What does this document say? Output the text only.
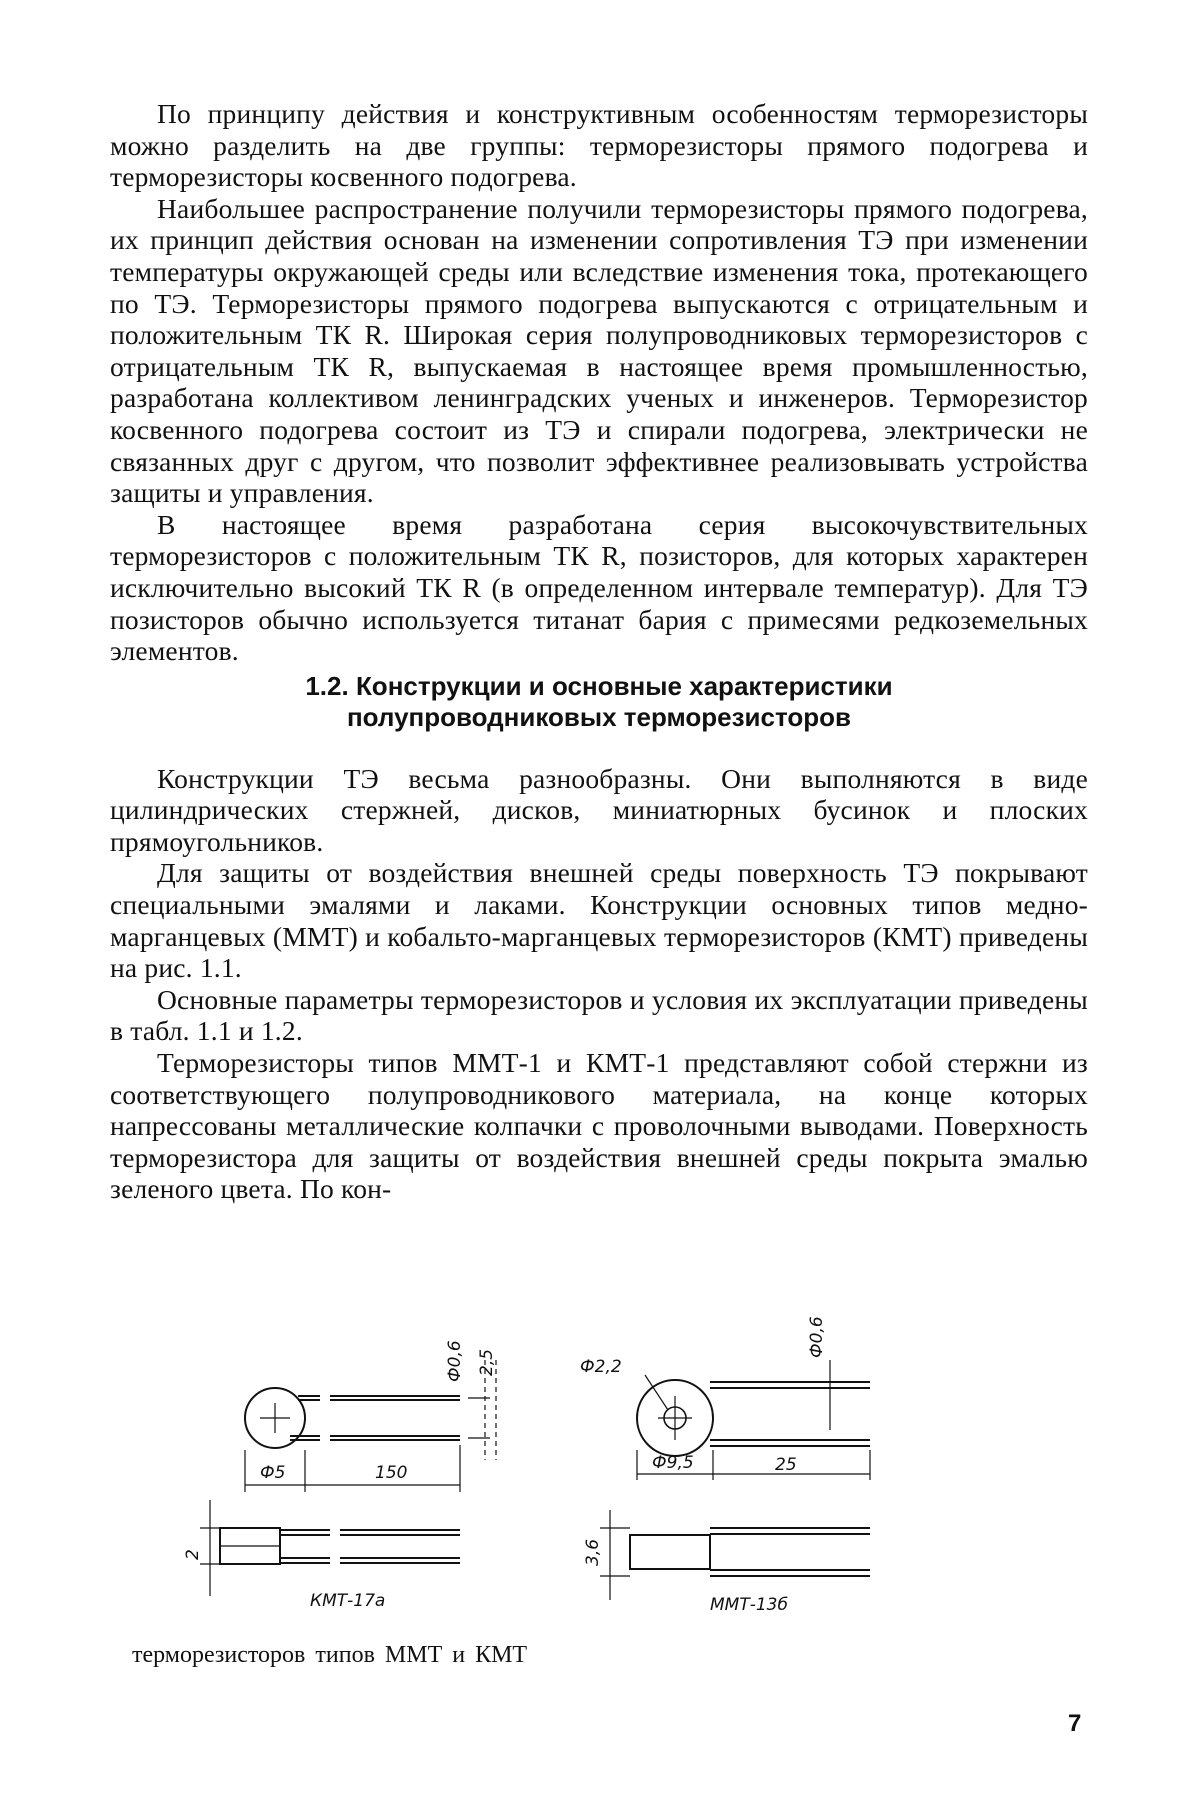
По принципу действия и конструктивным особенностям терморезисторы можно разделить на две группы: терморезисторы прямого подогрева и терморезисторы косвенного подогрева.

Наибольшее распространение получили терморезисторы прямого подогрева, их принцип действия основан на изменении сопротивления ТЭ при изменении температуры окружающей среды или вследствие изменения тока, протекающего по ТЭ. Терморезисторы прямого подогрева выпускаются с отрицательным и положительным ТК R. Широкая серия полупроводниковых терморезисторов с отрицательным ТК R, выпускаемая в настоящее время промышленностью, разработана коллективом ленинградских ученых и инженеров. Терморезистор косвенного подогрева состоит из ТЭ и спирали подогрева, электрически не связанных друг с другом, что позволит эффективнее реализовывать устройства защиты и управления.

В настоящее время разработана серия высокочувствительных терморезисторов с положительным ТК R, позисторов, для которых характерен исключительно высокий ТК R (в определенном интервале температур). Для ТЭ позисторов обычно используется титанат бария с примесями редкоземельных элементов.

1.2. Конструкции и основные характеристики
полупроводниковых терморезисторов

Конструкции ТЭ весьма разнообразны. Они выполняются в виде цилиндрических стержней, дисков, миниатюрных бусинок и плоских прямоугольников.

Для защиты от воздействия внешней среды поверхность ТЭ покрывают специальными эмалями и лаками. Конструкции основных типов медно-марганцевых (ММТ) и кобальто-марганцевых терморезисторов (КМТ) приведены на рис. 1.1.

Основные параметры терморезисторов и условия их эксплуатации приведены в табл. 1.1 и 1.2.

Терморезисторы типов ММТ-1 и КМТ-1 представляют собой стержни из соответствующего полупроводникового материала, на конце которых напрессованы металлические колпачки с проволочными выводами. Поверхность терморезистора для защиты от воздействия внешней среды покрыта эмалью зеленого цвета. По кон-

Ф5	150
Ф0,6 2,5
2
КМТ-17а
Ф2,2
Ф9,5	25
Ф0,6
3,6
ММТ-13б
терморезисторов типов ММТ и КМТ
7
